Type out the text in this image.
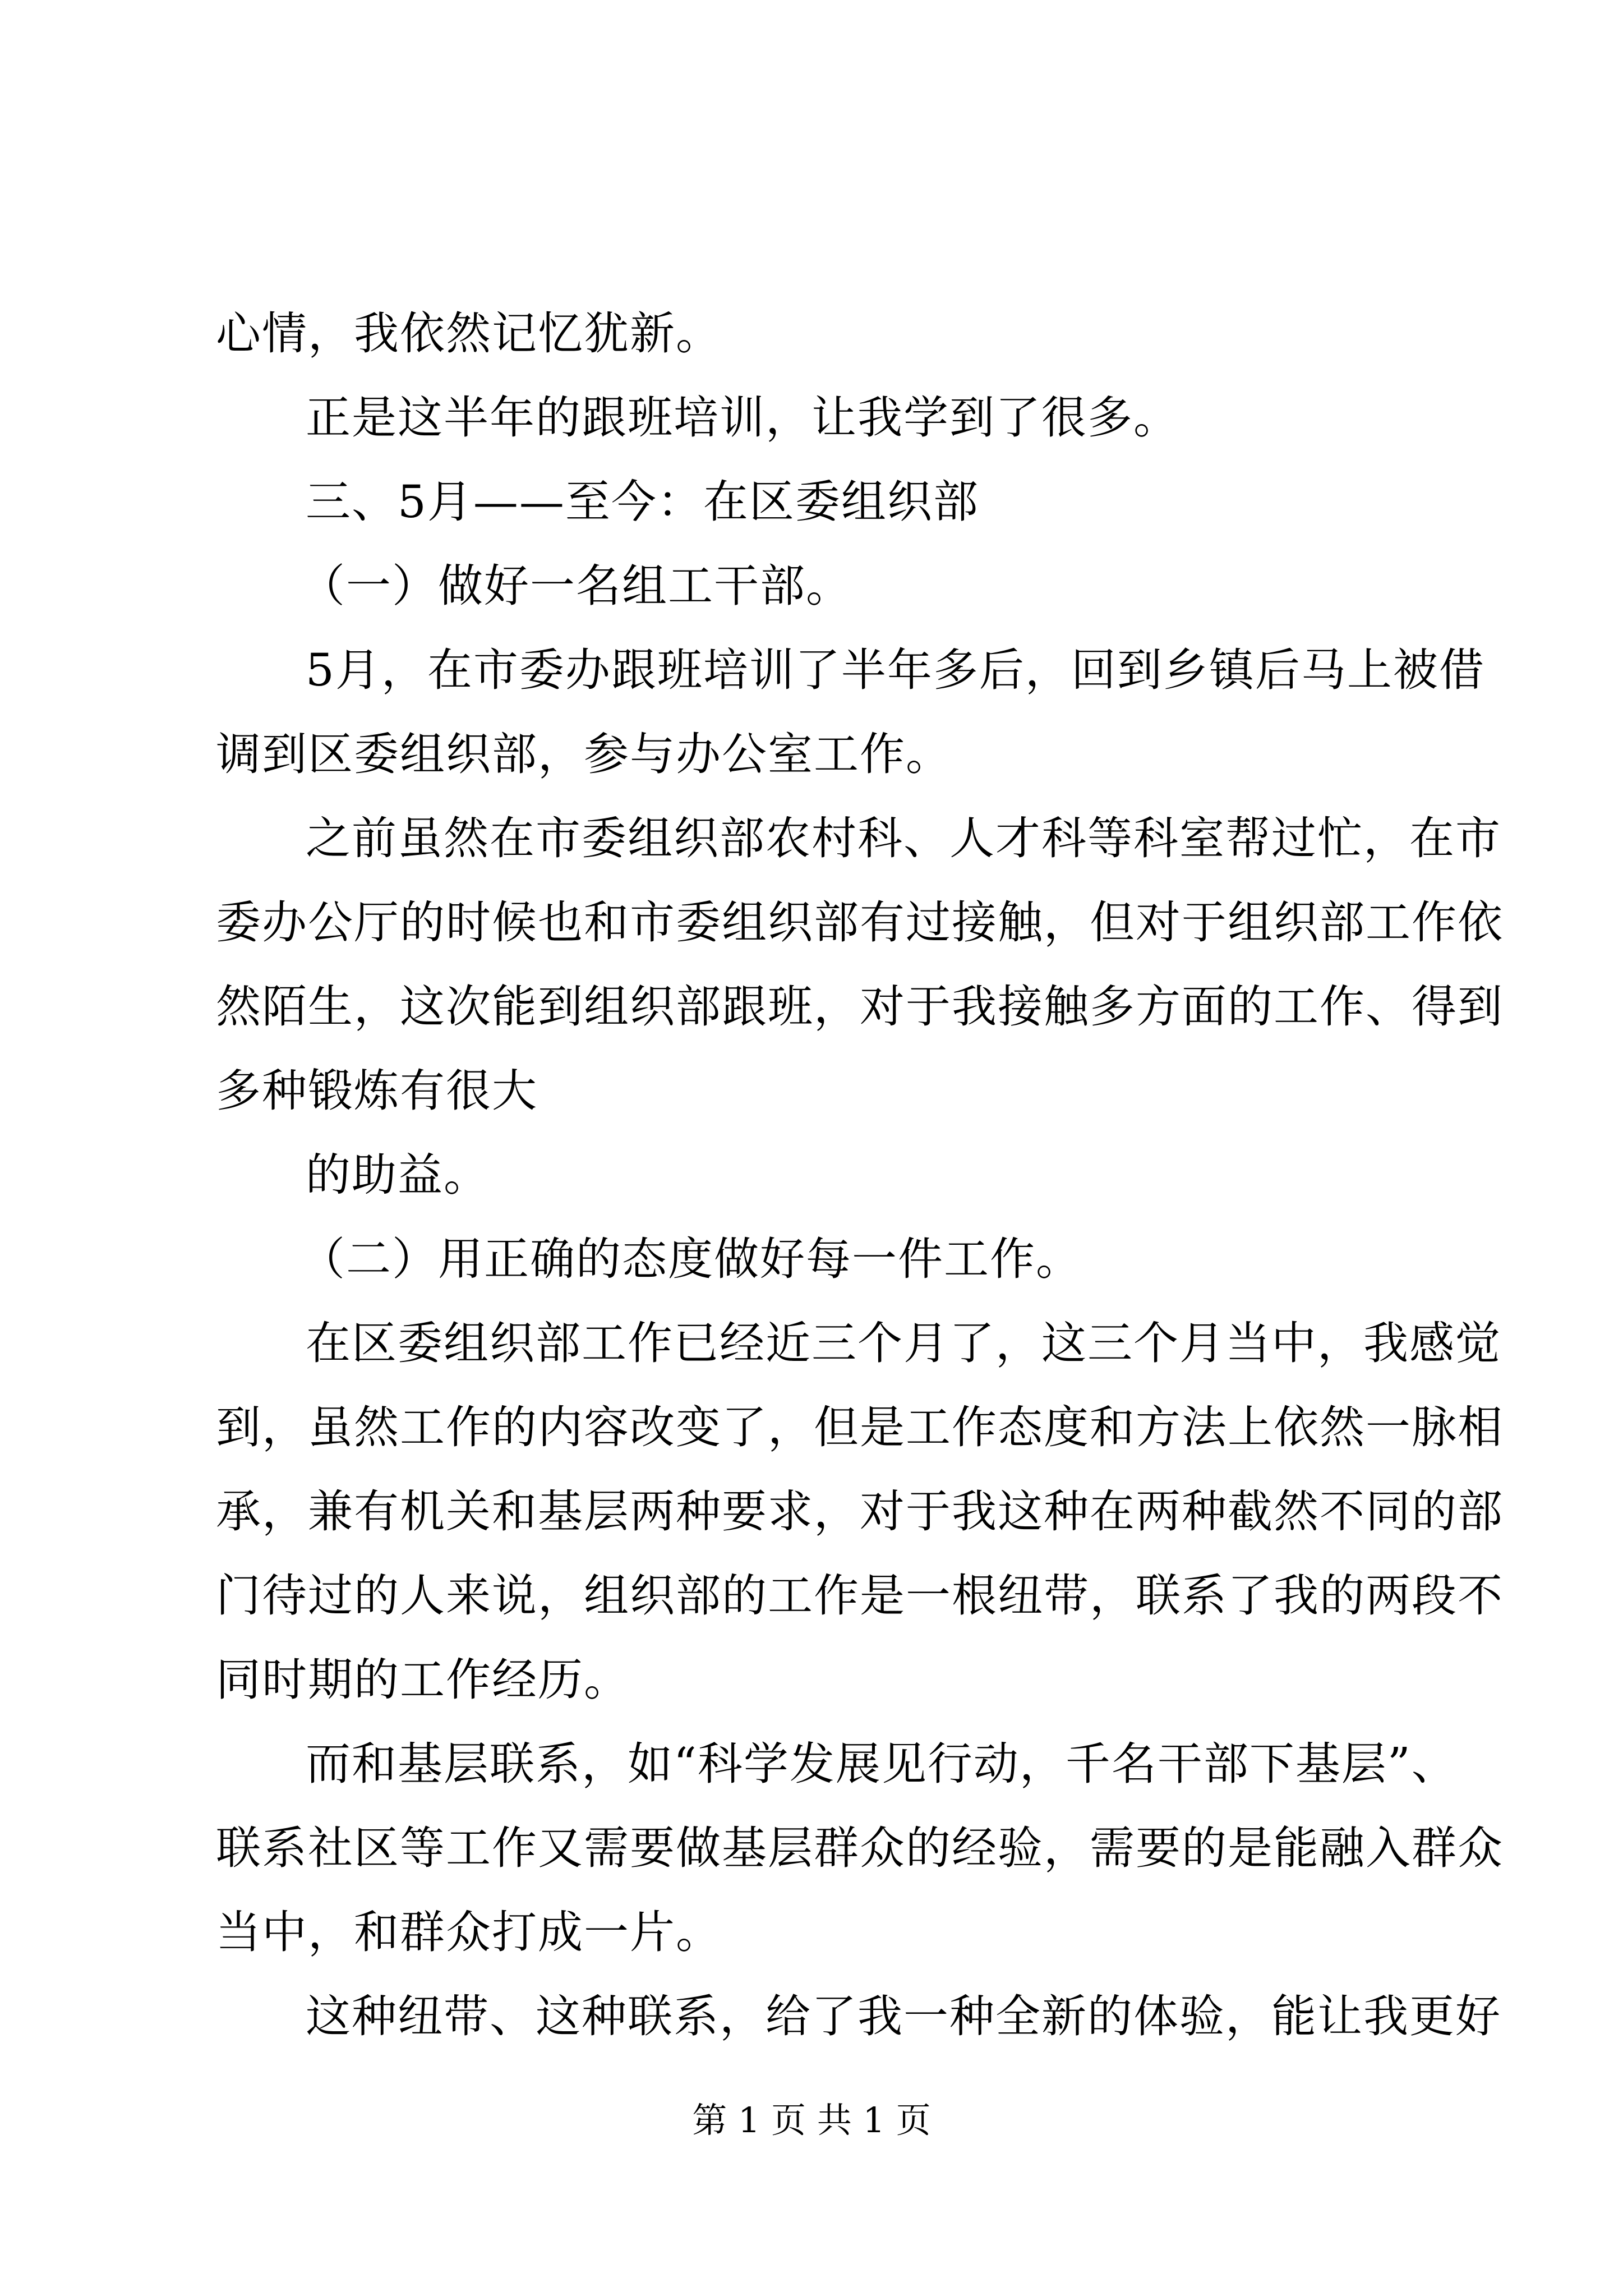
心情，我依然记忆犹新。
正是这半年的跟班培训，让我学到了很多。
三、5月——至今：在区委组织部
（一）做好一名组工干部。
5月，在市委办跟班培训了半年多后，回到乡镇后马上被借
调到区委组织部，参与办公室工作。
之前虽然在市委组织部农村科、人才科等科室帮过忙，在市
委办公厅的时候也和市委组织部有过接触，但对于组织部工作依
然陌生，这次能到组织部跟班，对于我接触多方面的工作、得到
多种锻炼有很大
的助益。
（二）用正确的态度做好每一件工作。
在区委组织部工作已经近三个月了，这三个月当中，我感觉
到，虽然工作的内容改变了，但是工作态度和方法上依然一脉相
承，兼有机关和基层两种要求，对于我这种在两种截然不同的部
门待过的人来说，组织部的工作是一根纽带，联系了我的两段不
同时期的工作经历。
而和基层联系，如“科学发展见行动，千名干部下基层”、
联系社区等工作又需要做基层群众的经验，需要的是能融入群众
当中，和群众打成一片。
这种纽带、这种联系，给了我一种全新的体验，能让我更好
第 1 页 共 1 页
